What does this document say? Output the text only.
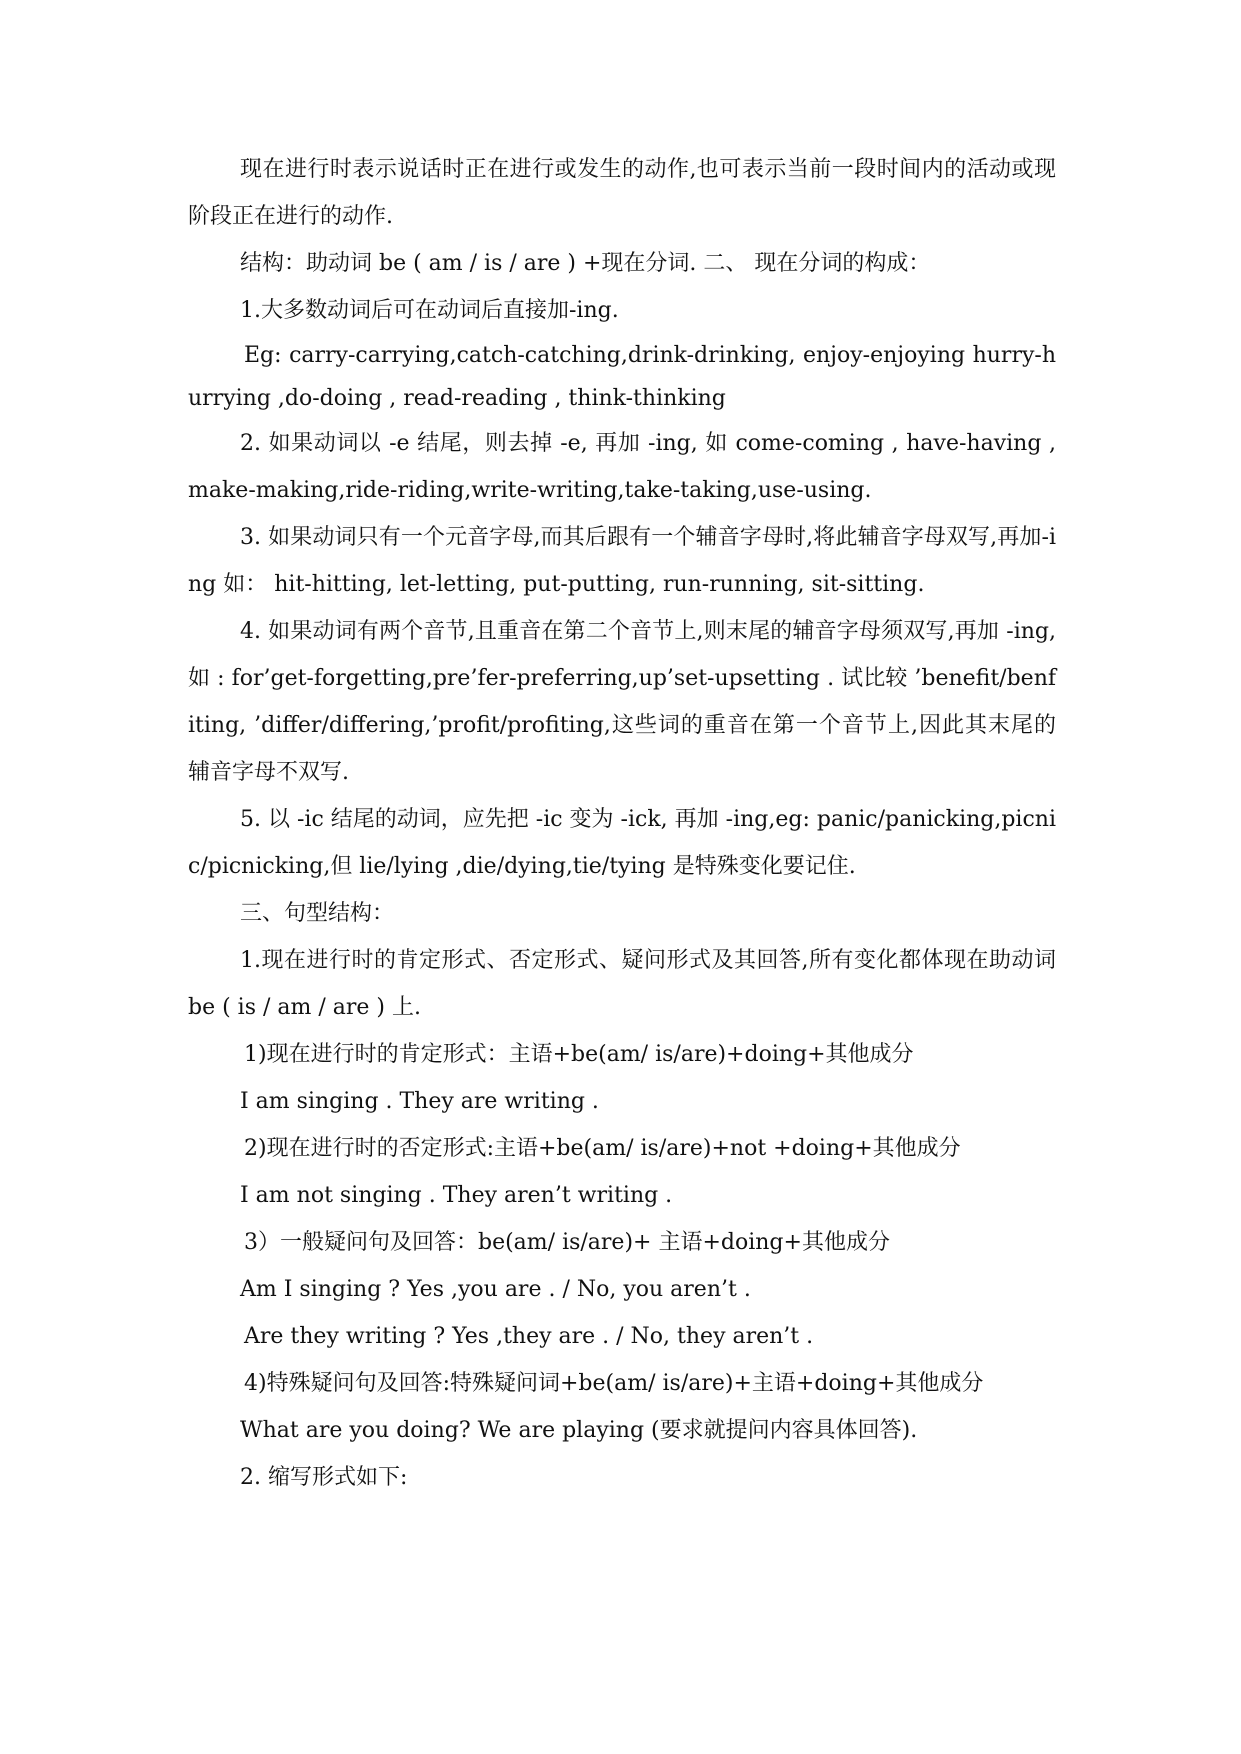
现在进行时表示说话时正在进行或发生的动作,也可表示当前一段时间内的活动或现阶段正在进行的动作.

结构：助动词 be ( am / is / are ) +现在分词. 二、 现在分词的构成：

1.大多数动词后可在动词后直接加-ing.

Eg: carry-carrying,catch-catching,drink-drinking, enjoy-enjoying hurry-hurrying ,do-doing , read-reading , think-thinking

2. 如果动词以 -e 结尾，则去掉 -e, 再加 -ing, 如 come-coming , have-having , make-making,ride-riding,write-writing,take-taking,use-using.

3. 如果动词只有一个元音字母,而其后跟有一个辅音字母时,将此辅音字母双写,再加-ing 如： hit-hitting, let-letting, put-putting, run-running, sit-sitting.

4. 如果动词有两个音节,且重音在第二个音节上,则末尾的辅音字母须双写,再加 -ing, 如 : for’get-forgetting,pre’fer-preferring,up’set-upsetting . 试比较 ’benefit/benfiting, ’differ/differing,’profit/profiting,这些词的重音在第一个音节上,因此其末尾的辅音字母不双写.

5. 以 -ic 结尾的动词，应先把 -ic 变为 -ick, 再加 -ing,eg: panic/panicking,picnic/picnicking,但 lie/lying ,die/dying,tie/tying 是特殊变化要记住.

三、句型结构：

1.现在进行时的肯定形式、否定形式、疑问形式及其回答,所有变化都体现在助动词 be ( is / am / are ) 上.

1)现在进行时的肯定形式：主语+be(am/ is/are)+doing+其他成分

I am singing . They are writing .

2)现在进行时的否定形式:主语+be(am/ is/are)+not +doing+其他成分

I am not singing . They aren’t writing .

3）一般疑问句及回答：be(am/ is/are)+ 主语+doing+其他成分

Am I singing ? Yes ,you are . / No, you aren’t .

Are they writing ? Yes ,they are . / No, they aren’t .

4)特殊疑问句及回答:特殊疑问词+be(am/ is/are)+主语+doing+其他成分

What are you doing? We are playing (要求就提问内容具体回答).

2. 缩写形式如下:
